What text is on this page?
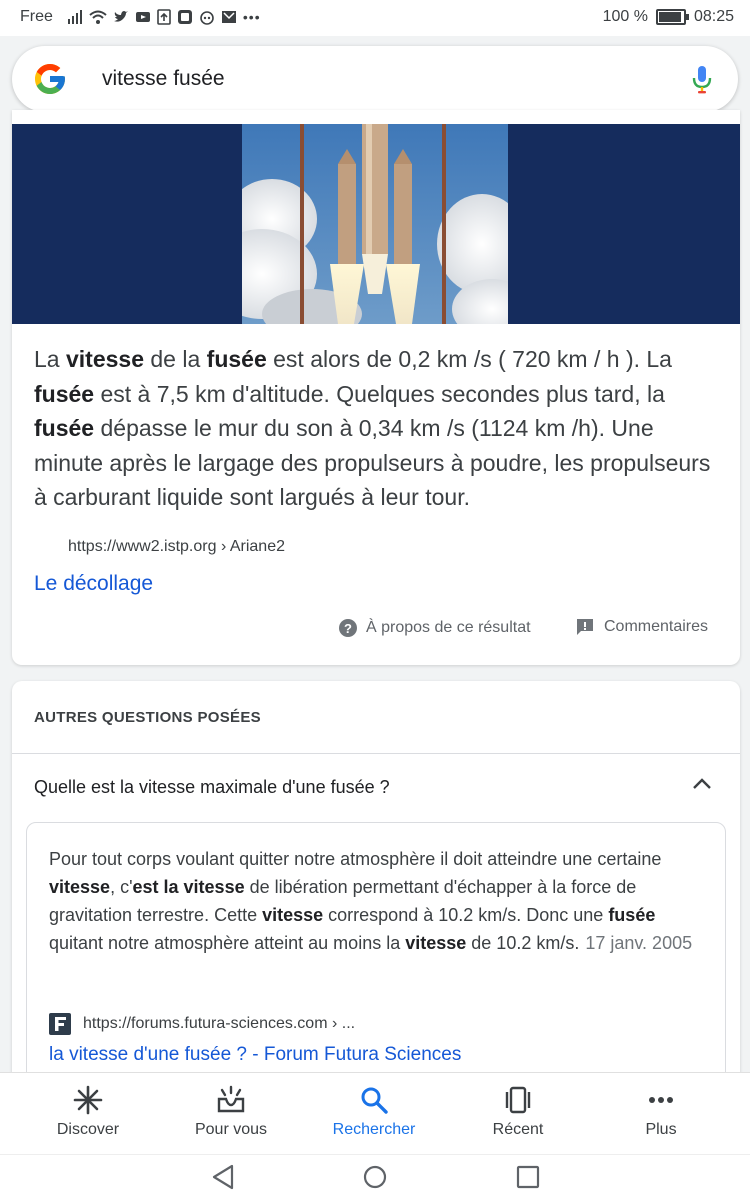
Free	•••	100 %	08:25
vitesse fusée
La vitesse de la fusée est alors de 0,2 km /s ( 720 km / h ). La fusée est à 7,5 km d'altitude. Quelques secondes plus tard, la fusée dépasse le mur du son à 0,34 km /s (1124 km /h). Une minute après le largage des propulseurs à poudre, les propulseurs à carburant liquide sont largués à leur tour.
https://www2.istp.org › Ariane2
Le décollage
? À propos de ce résultat	Commentaires
AUTRES QUESTIONS POSÉES
Quelle est la vitesse maximale d'une fusée ?
Pour tout corps voulant quitter notre atmosphère il doit atteindre une certaine vitesse, c'est la vitesse de libération permettant d'échapper à la force de gravitation terrestre. Cette vitesse correspond à 10.2 km/s. Donc une fusée quitant notre atmosphère atteint au moins la vitesse de 10.2 km/s. 17 janv. 2005
https://forums.futura-sciences.com › ...
la vitesse d'une fusée ? - Forum Futura Sciences
Discover	Pour vous	Rechercher	Récent	Plus
